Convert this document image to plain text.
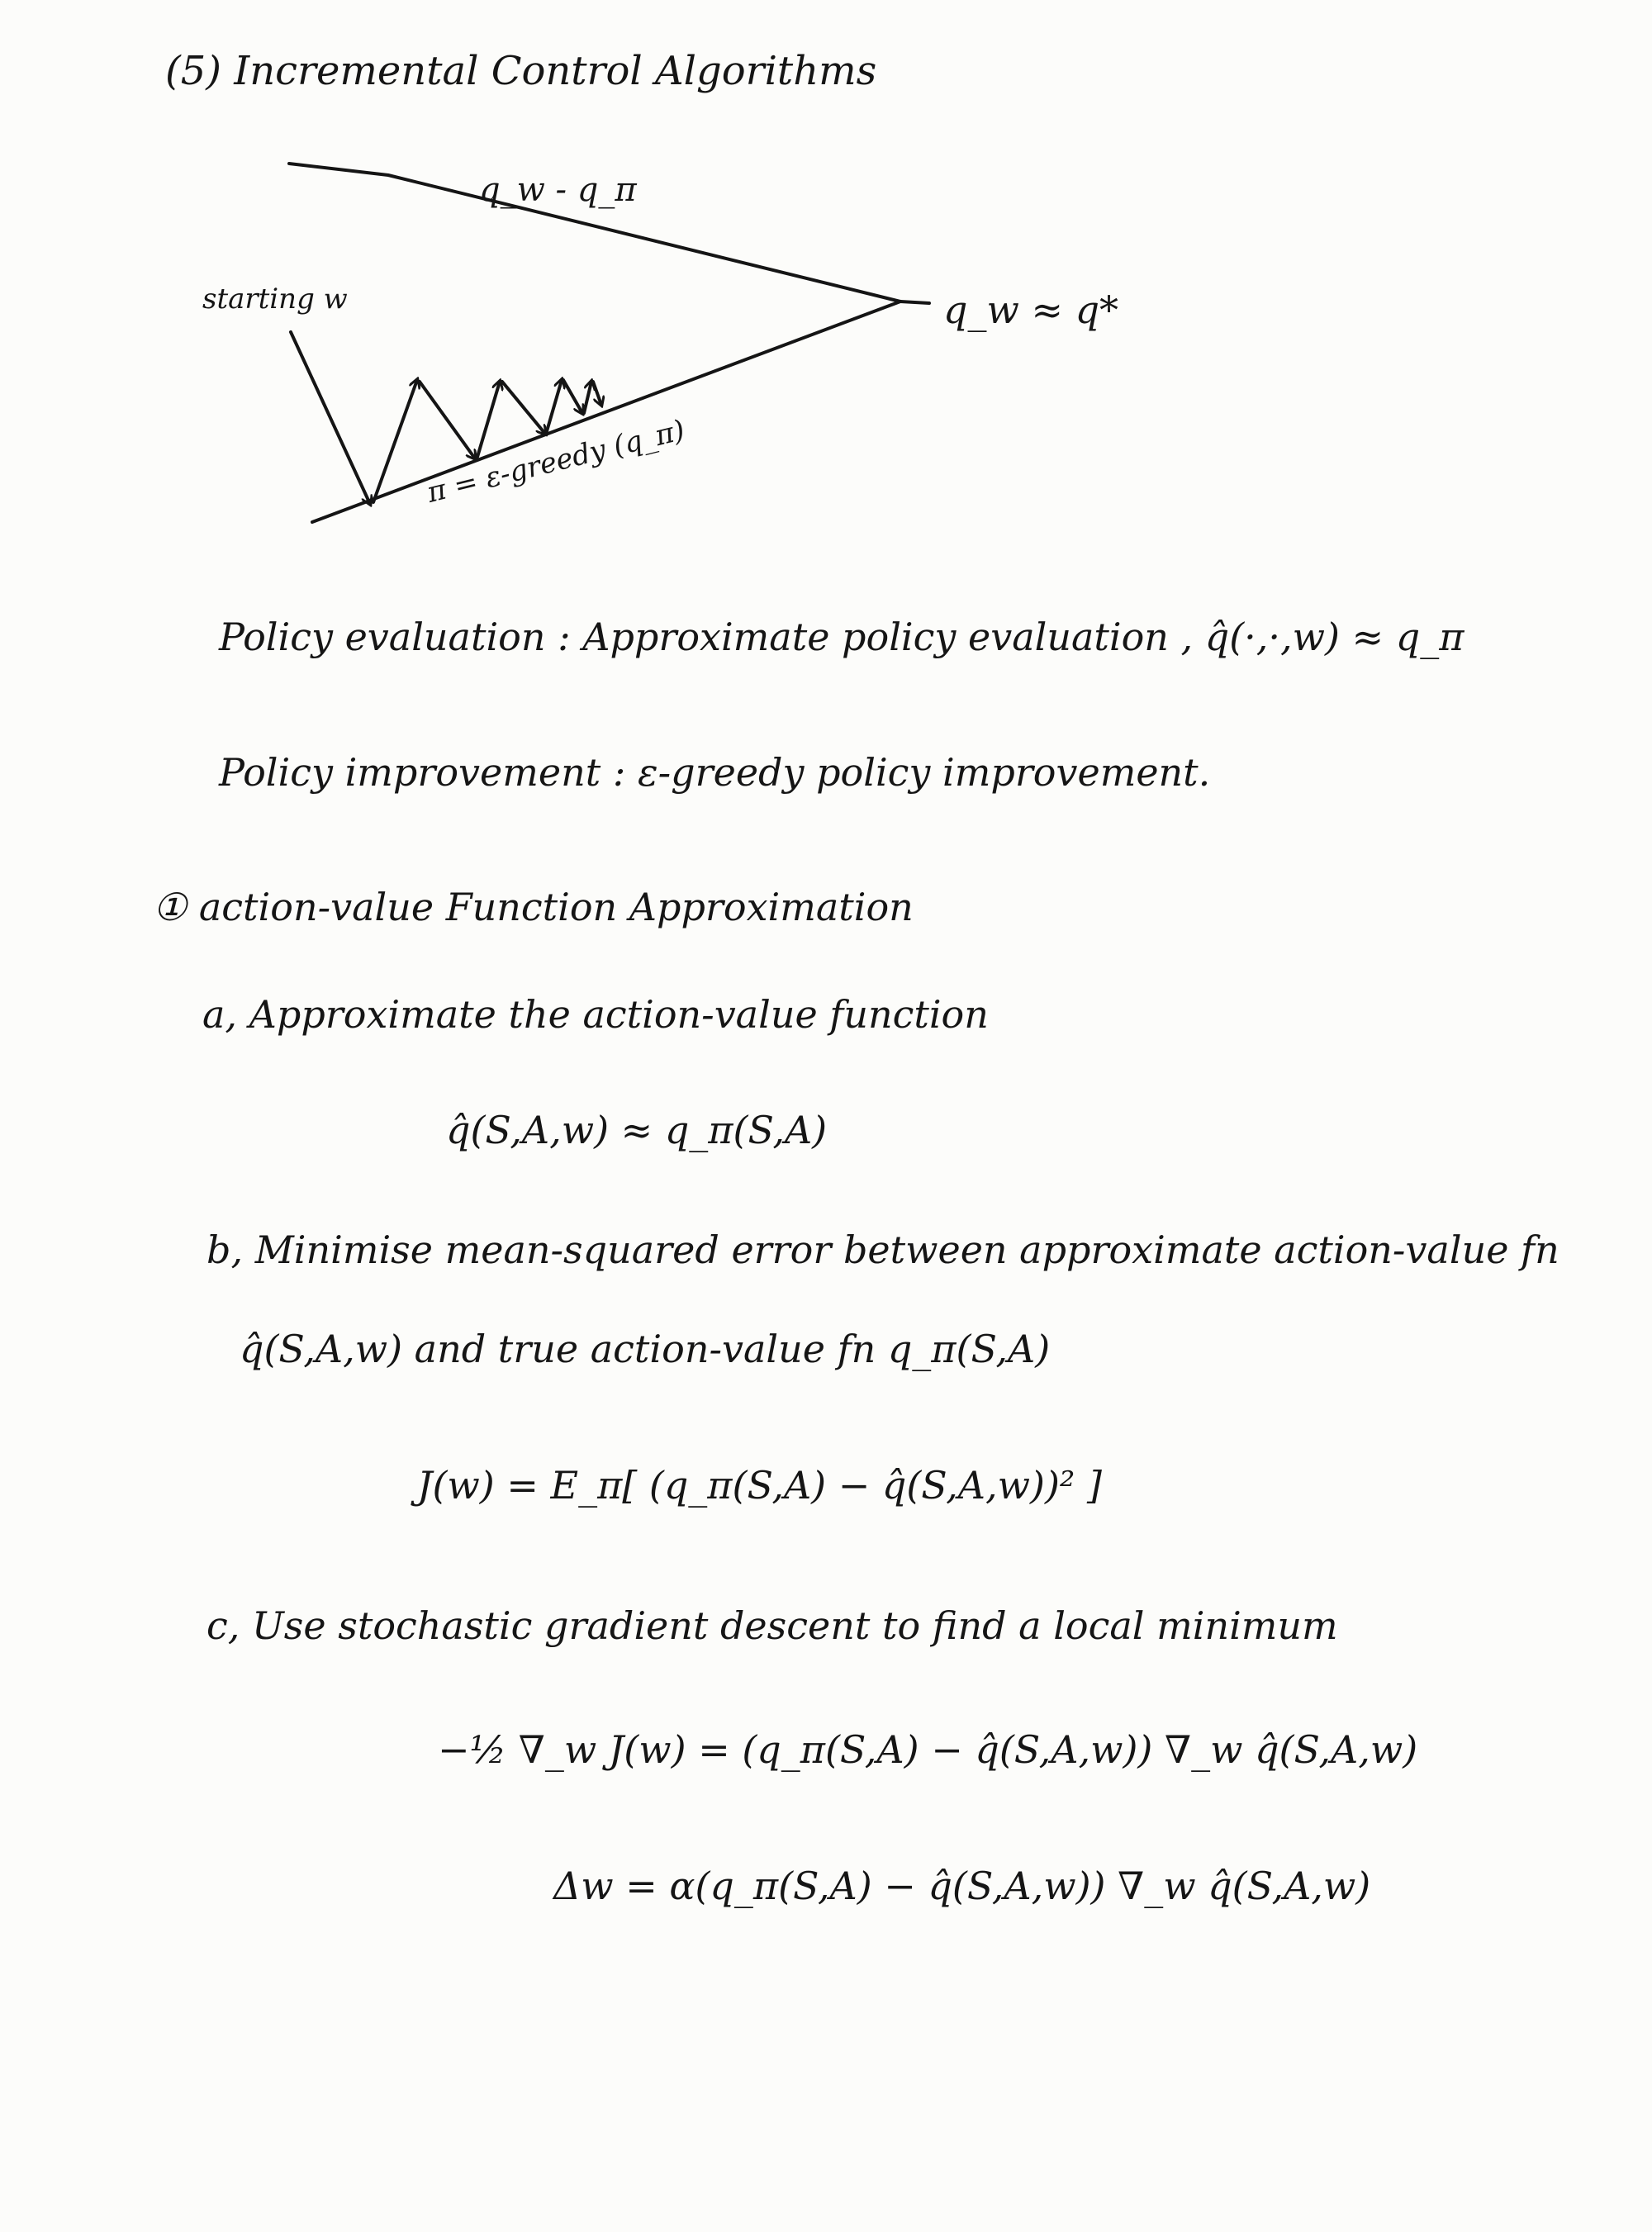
(5) Incremental Control Algorithms
q_w - q_π
starting w	q_w ≈ q*
π = ε-greedy (q_π)
Policy evaluation : Approximate policy evaluation , q̂(·,·,w) ≈ q_π
Policy improvement : ε-greedy policy improvement.
① action-value Function Approximation
a, Approximate the action-value function
q̂(S,A,w) ≈ q_π(S,A)
b, Minimise mean-squared error between approximate action-value fn
q̂(S,A,w) and true action-value fn q_π(S,A)
J(w) = E_π[ (q_π(S,A) − q̂(S,A,w))² ]
c, Use stochastic gradient descent to find a local minimum
−½ ∇_w J(w) = (q_π(S,A) − q̂(S,A,w)) ∇_w q̂(S,A,w)
Δw = α(q_π(S,A) − q̂(S,A,w)) ∇_w q̂(S,A,w)
